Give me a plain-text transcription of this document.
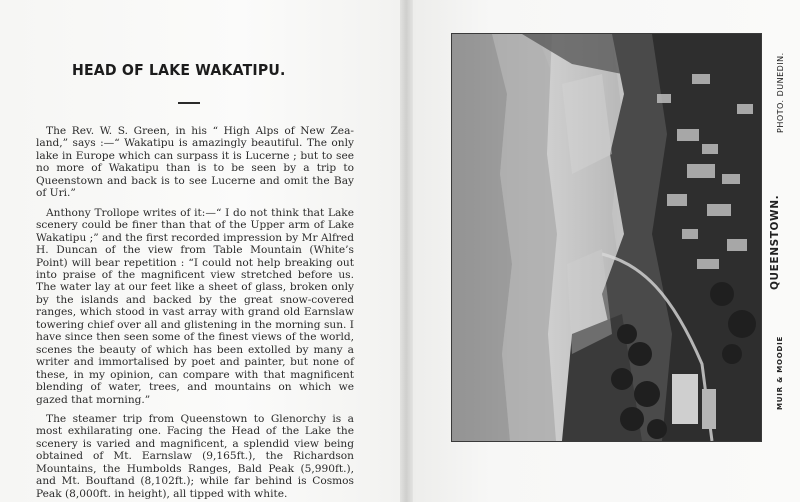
HEAD OF LAKE WAKATIPU.

The Rev. W. S. Green, in his “ High Alps of New Zealand,” says :—“ Wakatipu is amazingly beautiful. The only lake in Europe which can surpass it is Lucerne ; but to see no more of Wakatipu than is to be seen by a trip to Queenstown and back is to see Lucerne and omit the Bay of Uri.”

Anthony Trollope writes of it:—“ I do not think that Lake scenery could be finer than that of the Upper arm of Lake Wakatipu ;” and the first recorded impression by Mr Alfred H. Duncan of the view from Table Mountain (White’s Point) will bear repetition : “I could not help breaking out into praise of the magnificent view stretched before us. The water lay at our feet like a sheet of glass, broken only by the islands and backed by the great snow-covered ranges, which stood in vast array with grand old Earnslaw towering chief over all and glistening in the morning sun. I have since then seen some of the finest views of the world, scenes the beauty of which has been extolled by many a writer and immortalised by poet and painter, but none of these, in my opinion, can compare with that magnificent blending of water, trees, and mountains on which we gazed that morning.”

The steamer trip from Queenstown to Glenorchy is a most exhilarating one. Facing the Head of the Lake the scenery is varied and magnificent, a splendid view being obtained of Mt. Earnslaw (9,165ft.), the Richardson Mountains, the Humbolds Ranges, Bald Peak (5,990ft.), and Mt. Bouftand (8,102ft.); while far behind is Cosmos Peak (8,000ft. in height), all tipped with white.

PHOTO. DUNEDIN.
QUEENSTOWN.
MUIR & MOODIE
